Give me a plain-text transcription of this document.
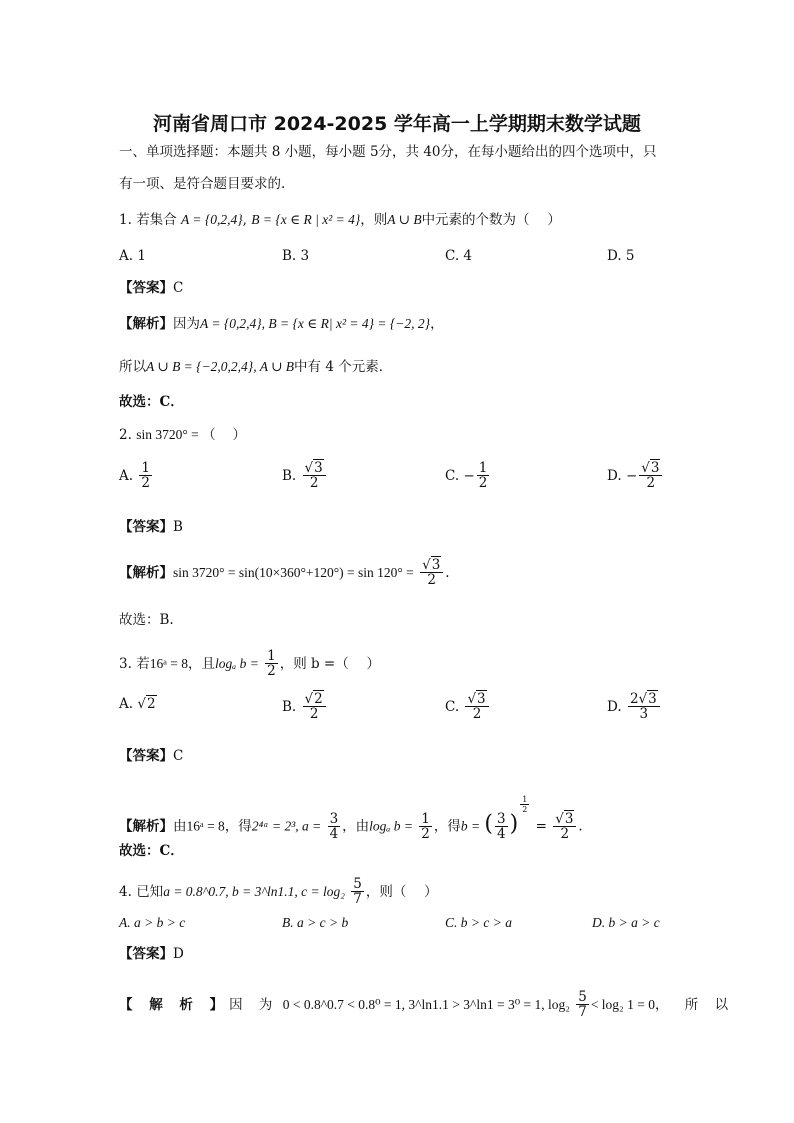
河南省周口市 2024-2025 学年高一上学期期末数学试题
一、单项选择题：本题共 8 小题，每小题 5分，共 40分，在每小题给出的四个选项中，只
有一项、是符合题目要求的.
1. 若集合 A = {0,2,4}, B = {x ∈ R | x² = 4}，则A ∪ B中元素的个数为（　 ）
A. 1	B. 3	C. 4	D. 5
【答案】C
【解析】因为A = {0,2,4}, B = {x ∈ R| x² = 4} = {−2, 2}，
所以A ∪ B = {−2,0,2,4}, A ∪ B中有 4 个元素．
故选：C．
2. sin 3720° = （　 ）
A. $\frac{1}{2}$	B. $\frac{√3}{2}$	C. − $\frac{1}{2}$	D. − $\frac{√3}{2}$
【答案】B
【解析】$\sin 3720^\circ = \sin(10\times 360^\circ+120^\circ) = \sin 120^\circ = \frac{√3}{2}$ .
故选：B.
3. 若16ᵃ = 8，且logₐ $b = \frac{1}{2}$ ，则 b =（　 ）
A. √2	B. $\frac{√2}{2}$	C. $\frac{√3}{2}$	D. $\frac{2√3}{3}$
【答案】C
【解析】由16ᵃ = 8，得2⁴ᵃ = 2³, $a = \frac{3}{4}$ ，由logₐ $b = \frac{1}{2}$ ，得b = ( $\frac{3}{4}$ )
$\frac{1}{2}$
= $\frac{√3}{2}$ .
故选：C．
4. 已知a = 0.8^0.7, b = 3^ln1.1, $c = \log_2 \frac{5}{7}$ ，则（　 ）
A. a > b > c	B. a > c > b	C. b > c > a	D. b > a > c
【答案】D
【 解 析 】因 为 0 < 0.8^0.7 < 0.8⁰ = 1, 3^ln1.1 > 3^ln1 = 3⁰ = 1, $\log_2 \frac{5}{7} < \log_2$ 1 = 0， 所 以
